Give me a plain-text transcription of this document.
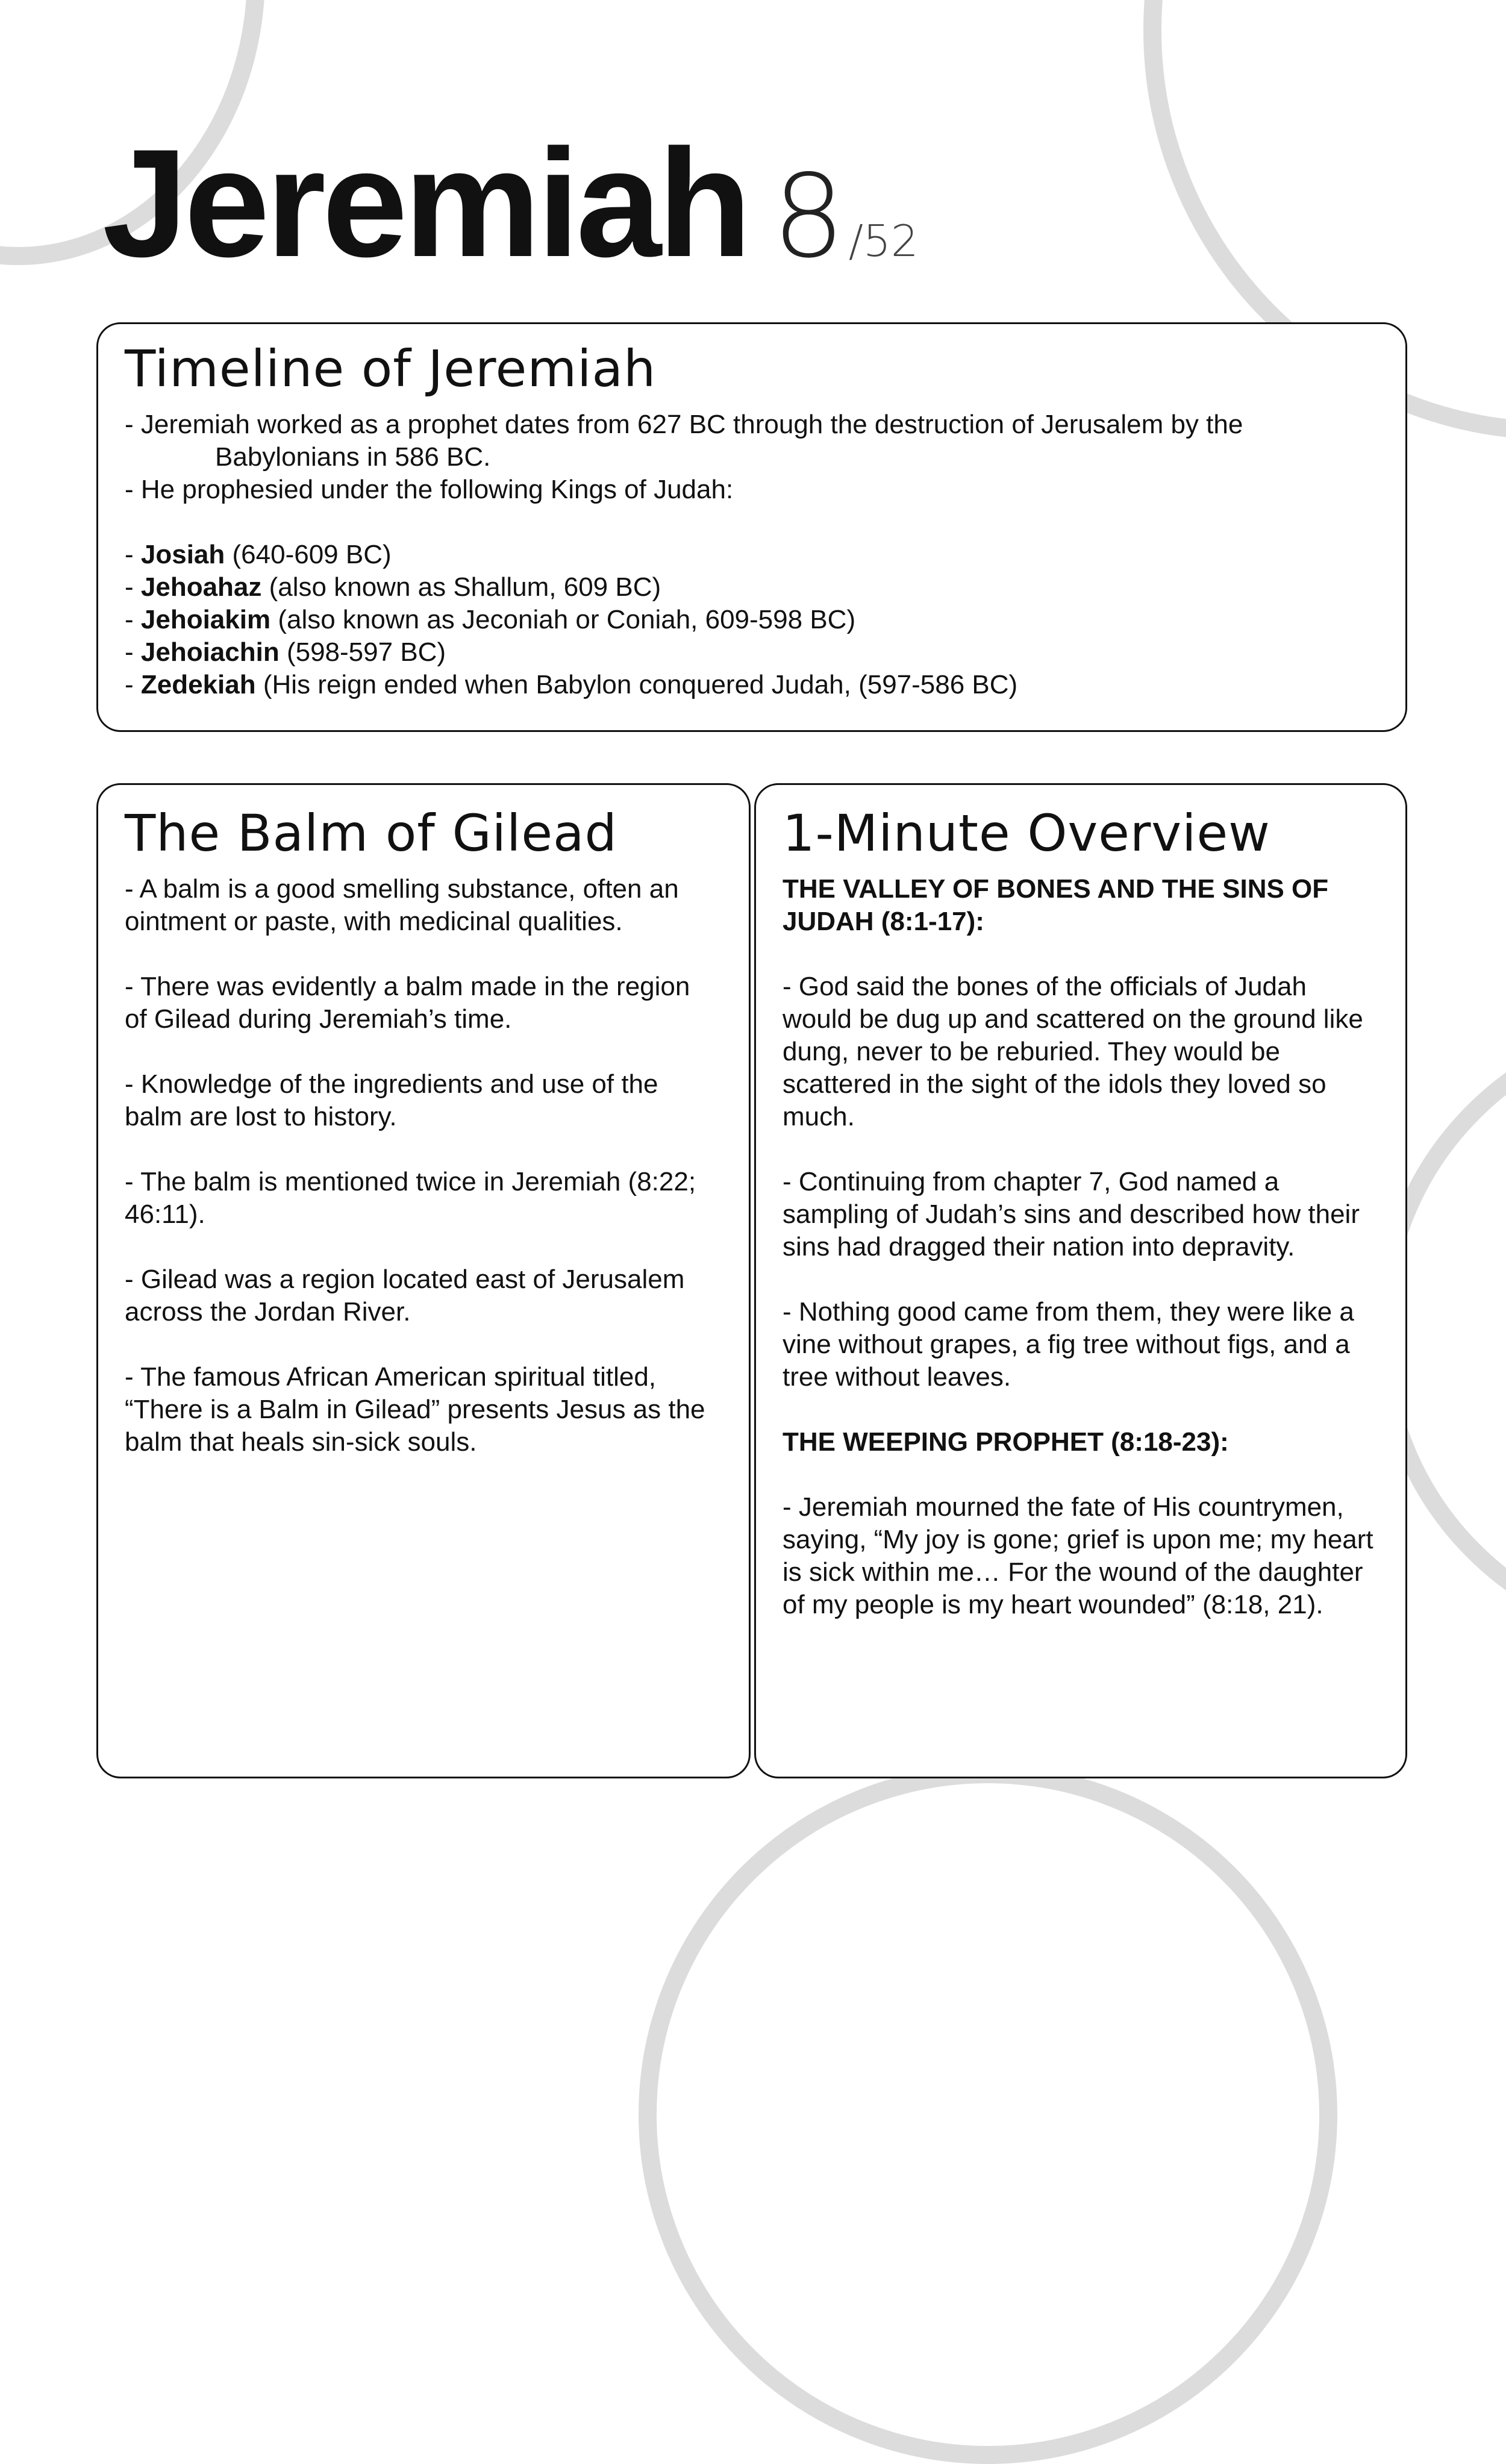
Jeremiah 8/52
Timeline of Jeremiah

- Jeremiah worked as a prophet dates from 627 BC through the destruction of Jerusalem by the

Babylonians in 586 BC.

- He prophesied under the following Kings of Judah:

- Josiah (640-609 BC)

- Jehoahaz (also known as Shallum, 609 BC)

- Jehoiakim (also known as Jeconiah or Coniah, 609-598 BC)

- Jehoiachin (598-597 BC)

- Zedekiah (His reign ended when Babylon conquered Judah, (597-586 BC)

The Balm of Gilead

- A balm is a good smelling substance, often an

ointment or paste, with medicinal qualities.

- There was evidently a balm made in the region

of Gilead during Jeremiah’s time.

- Knowledge of the ingredients and use of the

balm are lost to history.

- The balm is mentioned twice in Jeremiah (8:22;

46:11).

- Gilead was a region located east of Jerusalem

across the Jordan River.

- The famous African American spiritual titled,

“There is a Balm in Gilead” presents Jesus as the

balm that heals sin-sick souls.

1-Minute Overview

THE VALLEY OF BONES AND THE SINS OF

JUDAH (8:1-17):

- God said the bones of the officials of Judah

would be dug up and scattered on the ground like

dung, never to be reburied. They would be

scattered in the sight of the idols they loved so

much.

- Continuing from chapter 7, God named a

sampling of Judah’s sins and described how their

sins had dragged their nation into depravity.

- Nothing good came from them, they were like a

vine without grapes, a fig tree without figs, and a

tree without leaves.

THE WEEPING PROPHET (8:18-23):

- Jeremiah mourned the fate of His countrymen,

saying, “My joy is gone; grief is upon me; my heart

is sick within me… For the wound of the daughter

of my people is my heart wounded” (8:18, 21).
